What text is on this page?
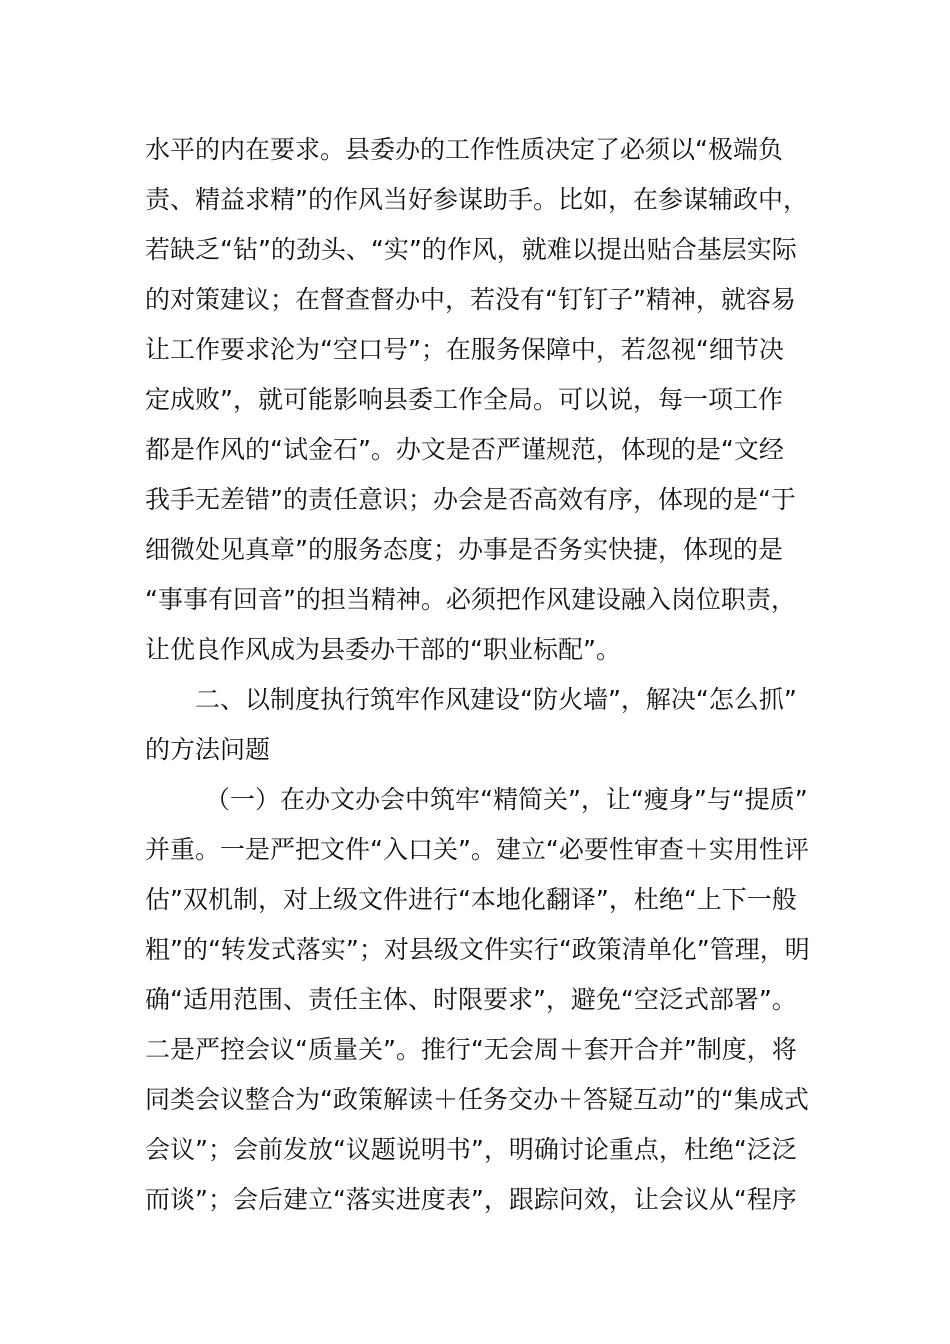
水平的内在要求。县委办的工作性质决定了必须以“极端负
责、精益求精”的作风当好参谋助手。比如，在参谋辅政中，
若缺乏“钻”的劲头、“实”的作风，就难以提出贴合基层实际
的对策建议；在督查督办中，若没有“钉钉子”精神，就容易
让工作要求沦为“空口号”；在服务保障中，若忽视“细节决
定成败”，就可能影响县委工作全局。可以说，每一项工作
都是作风的“试金石”。办文是否严谨规范，体现的是“文经
我手无差错”的责任意识；办会是否高效有序，体现的是“于
细微处见真章”的服务态度；办事是否务实快捷，体现的是
“事事有回音”的担当精神。必须把作风建设融入岗位职责，
让优良作风成为县委办干部的“职业标配”。
二、以制度执行筑牢作风建设“防火墙”，解决“怎么抓”
的方法问题
（一）在办文办会中筑牢“精简关”，让“瘦身”与“提质”
并重。一是严把文件“入口关”。建立“必要性审查＋实用性评
估”双机制，对上级文件进行“本地化翻译”，杜绝“上下一般
粗”的“转发式落实”；对县级文件实行“政策清单化”管理，明
确“适用范围、责任主体、时限要求”，避免“空泛式部署”。
二是严控会议“质量关”。推行“无会周＋套开合并”制度，将
同类会议整合为“政策解读＋任务交办＋答疑互动”的“集成式
会议”；会前发放“议题说明书”，明确讨论重点，杜绝“泛泛
而谈”；会后建立“落实进度表”，跟踪问效，让会议从“程序
